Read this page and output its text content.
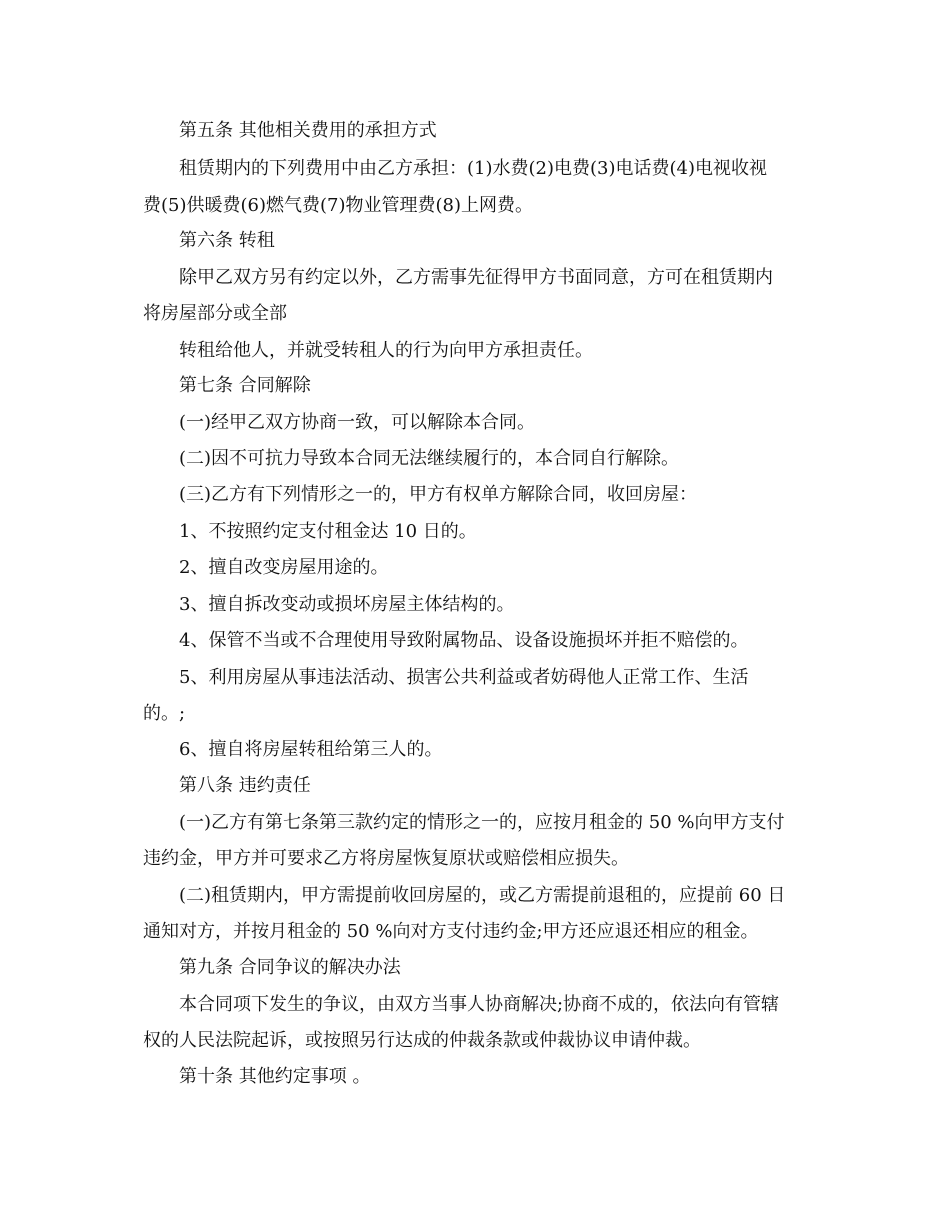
第五条 其他相关费用的承担方式
租赁期内的下列费用中由乙方承担：(1)水费(2)电费(3)电话费(4)电视收视
费(5)供暖费(6)燃气费(7)物业管理费(8)上网费。
第六条 转租
除甲乙双方另有约定以外，乙方需事先征得甲方书面同意，方可在租赁期内
将房屋部分或全部
转租给他人，并就受转租人的行为向甲方承担责任。
第七条 合同解除
(一)经甲乙双方协商一致，可以解除本合同。
(二)因不可抗力导致本合同无法继续履行的，本合同自行解除。
(三)乙方有下列情形之一的，甲方有权单方解除合同，收回房屋：
1、不按照约定支付租金达 10 日的。
2、擅自改变房屋用途的。
3、擅自拆改变动或损坏房屋主体结构的。
4、保管不当或不合理使用导致附属物品、设备设施损坏并拒不赔偿的。
5、利用房屋从事违法活动、损害公共利益或者妨碍他人正常工作、生活
的。;
6、擅自将房屋转租给第三人的。
第八条 违约责任
(一)乙方有第七条第三款约定的情形之一的，应按月租金的 50 %向甲方支付
违约金，甲方并可要求乙方将房屋恢复原状或赔偿相应损失。
(二)租赁期内，甲方需提前收回房屋的，或乙方需提前退租的，应提前 60 日
通知对方，并按月租金的 50 %向对方支付违约金;甲方还应退还相应的租金。
第九条 合同争议的解决办法
本合同项下发生的争议，由双方当事人协商解决;协商不成的，依法向有管辖
权的人民法院起诉，或按照另行达成的仲裁条款或仲裁协议申请仲裁。
第十条 其他约定事项 。
